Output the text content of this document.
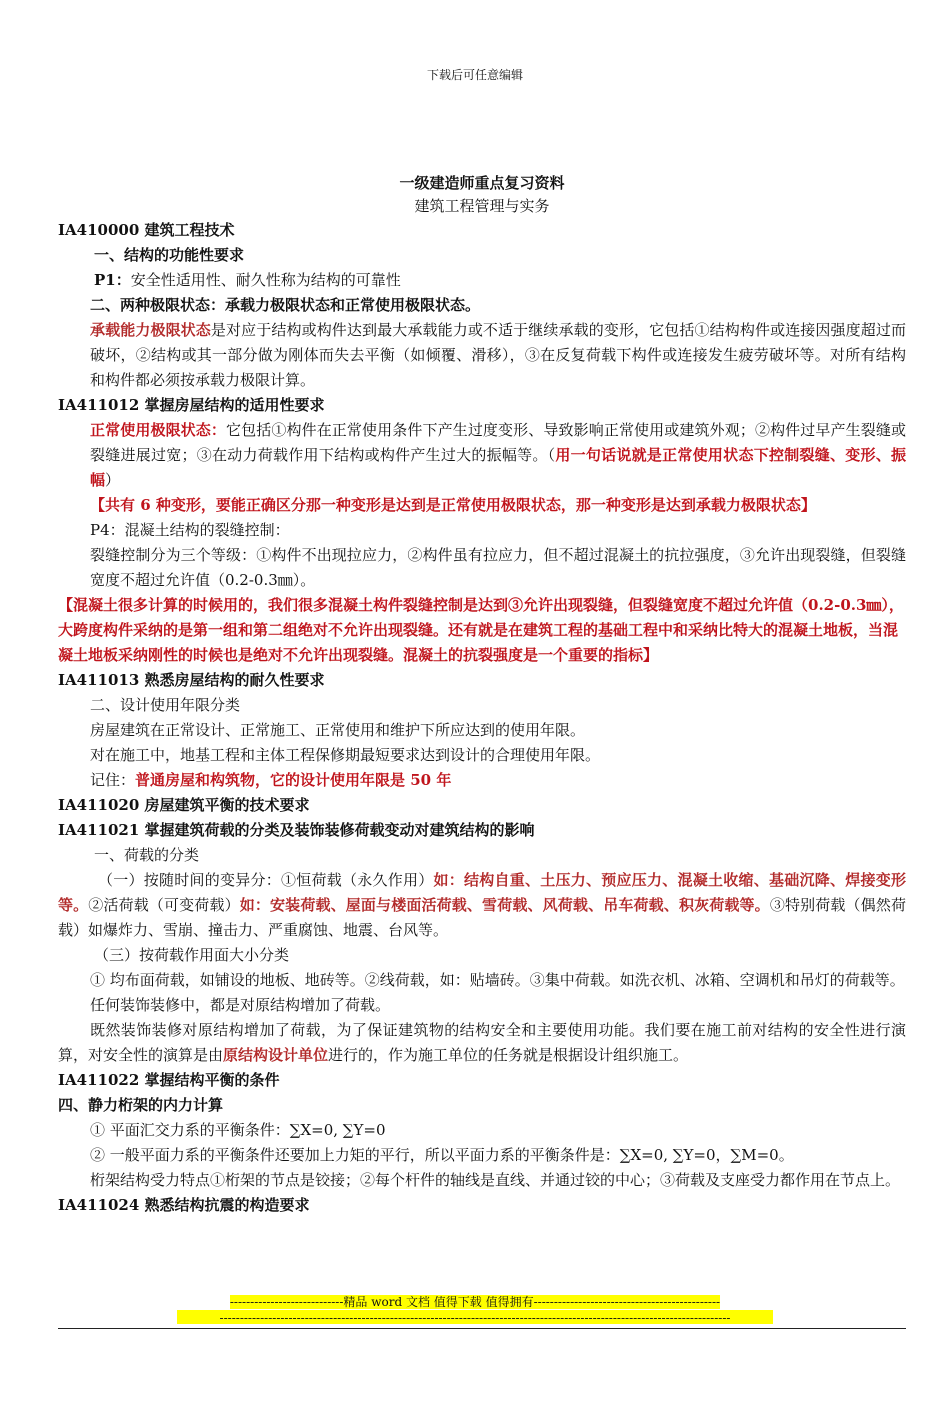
下载后可任意编辑
一级建造师重点复习资料
建筑工程管理与实务

IA410000 建筑工程技术

一、结构的功能性要求

P1：安全性适用性、耐久性称为结构的可靠性

二、两种极限状态：承载力极限状态和正常使用极限状态。

承载能力极限状态是对应于结构或构件达到最大承载能力或不适于继续承载的变形，它包括①结构构件或连接因强度超过而破坏，②结构或其一部分做为刚体而失去平衡（如倾覆、滑移），③在反复荷载下构件或连接发生疲劳破坏等。对所有结构和构件都必须按承载力极限计算。

IA411012 掌握房屋结构的适用性要求

正常使用极限状态：它包括①构件在正常使用条件下产生过度变形、导致影响正常使用或建筑外观；②构件过早产生裂缝或裂缝进展过宽；③在动力荷载作用下结构或构件产生过大的振幅等。（用一句话说就是正常使用状态下控制裂缝、变形、振幅）

【共有 6 种变形，要能正确区分那一种变形是达到是正常使用极限状态，那一种变形是达到承载力极限状态】

P4：混凝土结构的裂缝控制：

裂缝控制分为三个等级：①构件不出现拉应力，②构件虽有拉应力，但不超过混凝土的抗拉强度，③允许出现裂缝，但裂缝宽度不超过允许值（0.2-0.3㎜）。

【混凝土很多计算的时候用的，我们很多混凝土构件裂缝控制是达到③允许出现裂缝，但裂缝宽度不超过允许值（0.2-0.3㎜），大跨度构件采纳的是第一组和第二组绝对不允许出现裂缝。还有就是在建筑工程的基础工程中和采纳比特大的混凝土地板，当混凝土地板采纳刚性的时候也是绝对不允许出现裂缝。混凝土的抗裂强度是一个重要的指标】

IA411013 熟悉房屋结构的耐久性要求

二、设计使用年限分类

房屋建筑在正常设计、正常施工、正常使用和维护下所应达到的使用年限。

对在施工中，地基工程和主体工程保修期最短要求达到设计的合理使用年限。

记住：普通房屋和构筑物，它的设计使用年限是 50 年

IA411020 房屋建筑平衡的技术要求

IA411021 掌握建筑荷载的分类及装饰装修荷载变动对建筑结构的影响

一、荷载的分类

（一）按随时间的变异分：①恒荷载（永久作用）如：结构自重、土压力、预应压力、混凝土收缩、基础沉降、焊接变形等。②活荷载（可变荷载）如：安装荷载、屋面与楼面活荷载、雪荷载、风荷载、吊车荷载、积灰荷载等。③特别荷载（偶然荷载）如爆炸力、雪崩、撞击力、严重腐蚀、地震、台风等。

（三）按荷载作用面大小分类

① 均布面荷载，如铺设的地板、地砖等。②线荷载，如：贴墙砖。③集中荷载。如洗衣机、冰箱、空调机和吊灯的荷载等。

任何装饰装修中，都是对原结构增加了荷载。

既然装饰装修对原结构增加了荷载，为了保证建筑物的结构安全和主要使用功能。我们要在施工前对结构的安全性进行演算，对安全性的演算是由原结构设计单位进行的，作为施工单位的任务就是根据设计组织施工。

IA411022 掌握结构平衡的条件

四、静力桁架的内力计算

① 平面汇交力系的平衡条件：∑X=0, ∑Y=0

② 一般平面力系的平衡条件还要加上力矩的平行，所以平面力系的平衡条件是：∑X=0, ∑Y=0，∑M=0。

桁架结构受力特点①桁架的节点是铰接；②每个杆件的轴线是直线、并通过铰的中心；③荷载及支座受力都作用在节点上。

IA411024 熟悉结构抗震的构造要求

----------------------------精品 word 文档 值得下载 值得拥有----------------------------------------------
------------------------------------------------------------------------------------------------------------------------------
